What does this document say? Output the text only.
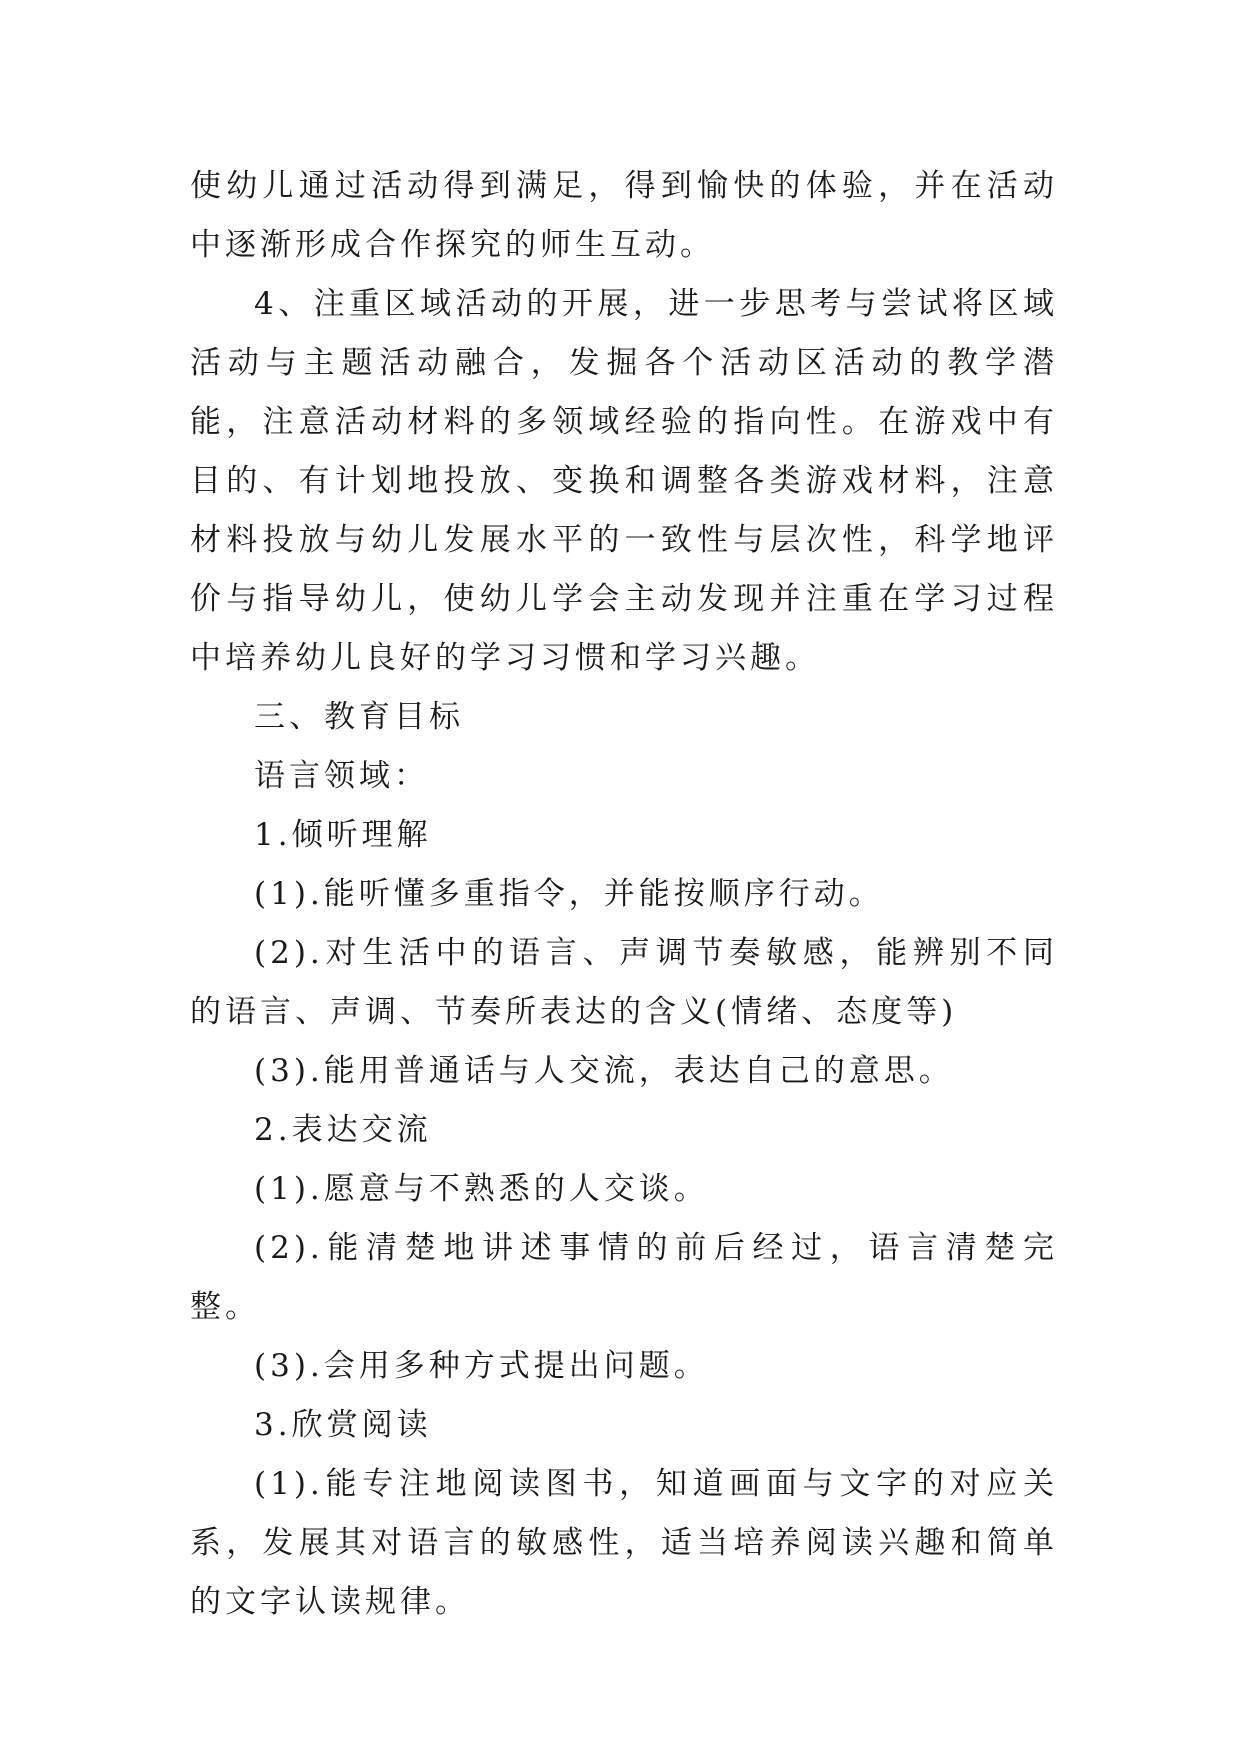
使幼儿通过活动得到满足，得到愉快的体验，并在活动中逐渐形成合作探究的师生互动。

4、注重区域活动的开展，进一步思考与尝试将区域活动与主题活动融合，发掘各个活动区活动的教学潜能，注意活动材料的多领域经验的指向性。在游戏中有目的、有计划地投放、变换和调整各类游戏材料，注意材料投放与幼儿发展水平的一致性与层次性，科学地评价与指导幼儿，使幼儿学会主动发现并注重在学习过程中培养幼儿良好的学习习惯和学习兴趣。

三、教育目标

语言领域：

1.倾听理解

(1).能听懂多重指令，并能按顺序行动。

(2).对生活中的语言、声调节奏敏感，能辨别不同的语言、声调、节奏所表达的含义(情绪、态度等)

(3).能用普通话与人交流，表达自己的意思。

2.表达交流

(1).愿意与不熟悉的人交谈。

(2).能清楚地讲述事情的前后经过，语言清楚完整。

(3).会用多种方式提出问题。

3.欣赏阅读

(1).能专注地阅读图书，知道画面与文字的对应关系，发展其对语言的敏感性，适当培养阅读兴趣和简单的文字认读规律。
